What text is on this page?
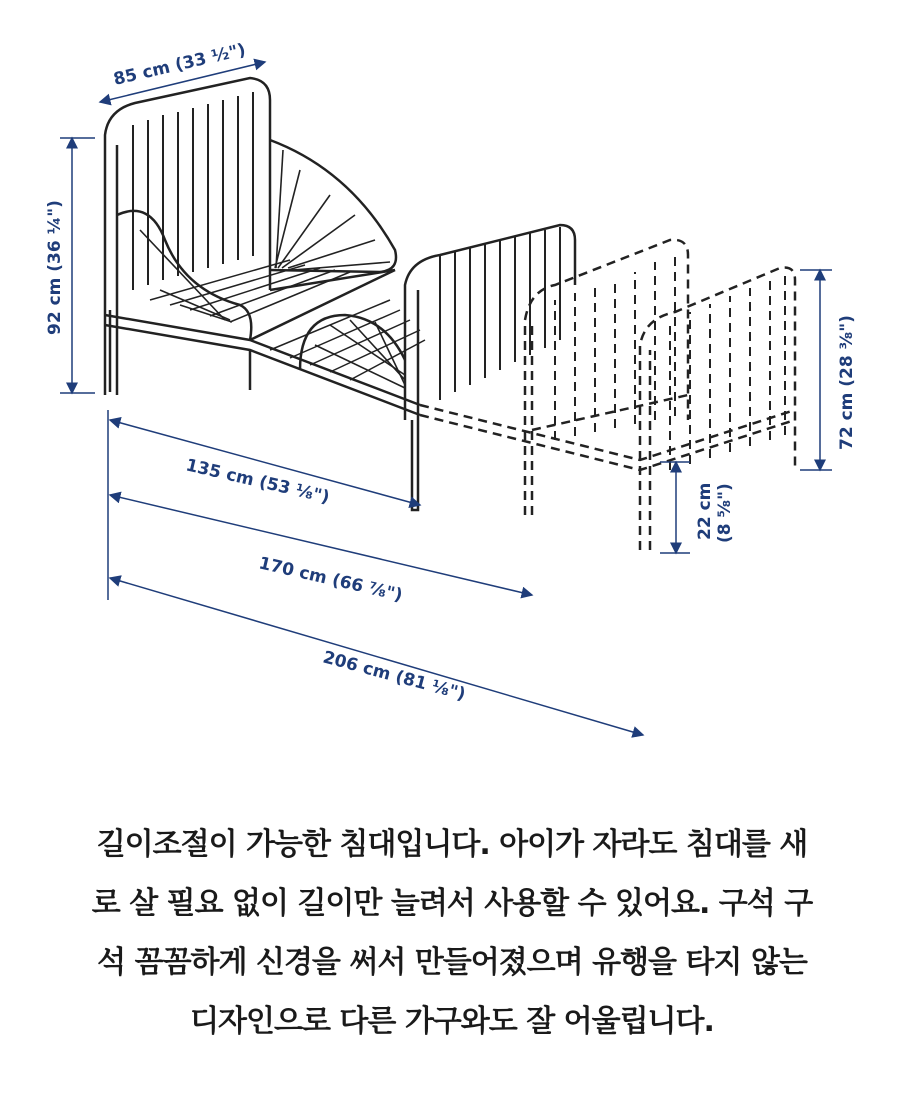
85 cm (33 ½")
92 cm (36 ¼")
135 cm (53 ⅛")
170 cm (66 ⅞")
206 cm (81 ⅛")
22 cm (8 ⅝")
72 cm (28 ⅜")
길이조절이 가능한 침대입니다. 아이가 자라도 침대를 새
로 살 필요 없이 길이만 늘려서 사용할 수 있어요. 구석 구
석 꼼꼼하게 신경을 써서 만들어졌으며 유행을 타지 않는
디자인으로 다른 가구와도 잘 어울립니다.
